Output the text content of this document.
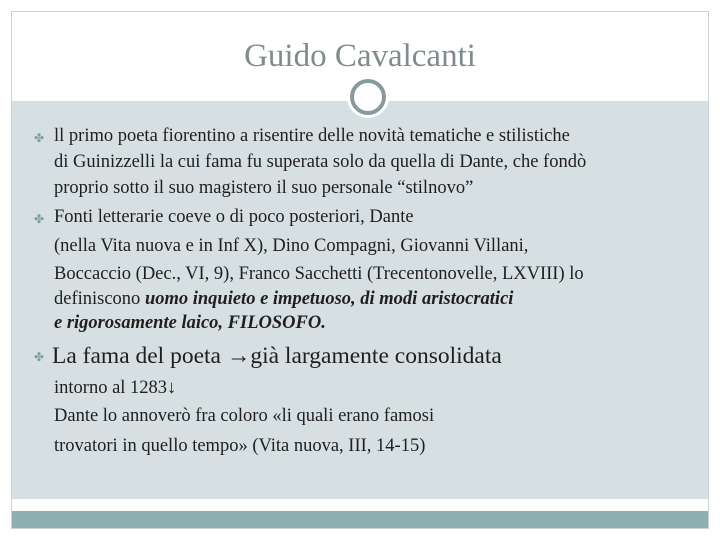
Guido Cavalcanti
✤ ll primo poeta fiorentino a risentire delle novità tematiche e stilistiche
di Guinizzelli la cui fama fu superata solo da quella di Dante, che fondò
proprio sotto il suo magistero il suo personale “stilnovo”
✤ Fonti letterarie coeve o di poco posteriori, Dante
(nella Vita nuova e in Inf X), Dino Compagni, Giovanni Villani,
Boccaccio (Dec., VI, 9), Franco Sacchetti (Trecentonovelle, LXVIII) lo
definiscono uomo inquieto e impetuoso, di modi aristocratici
e rigorosamente laico, FILOSOFO.
✤ La fama del poeta →già largamente consolidata
intorno al 1283↓
Dante lo annoverò fra coloro «li quali erano famosi
trovatori in quello tempo» (Vita nuova, III, 14-15)
